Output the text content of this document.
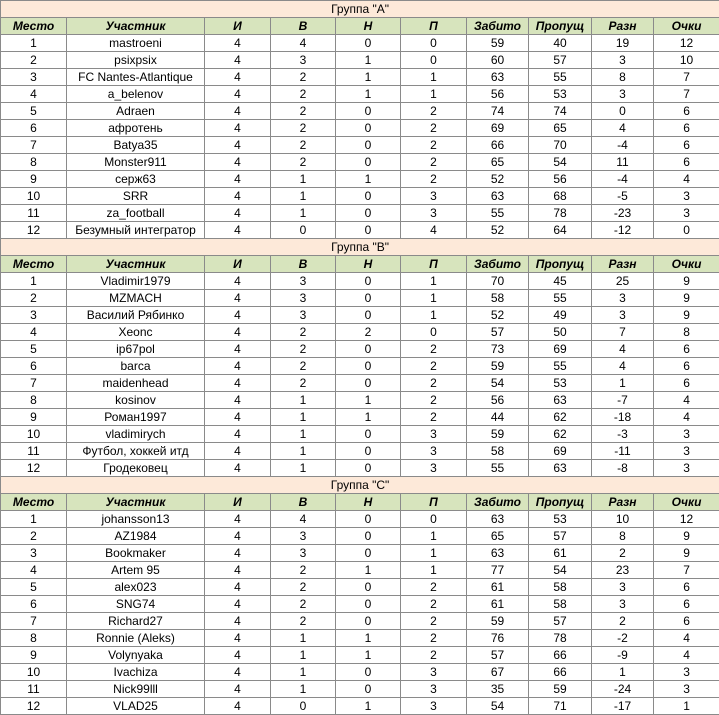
Группа "А"									
Место	Участник	И	В	Н	П	Забито	Пропущ	Разн	Очки
1	mastroeni	4	4	0	0	59	40	19	12
2	psixpsix	4	3	1	0	60	57	3	10
3	FC Nantes-Atlantique	4	2	1	1	63	55	8	7
4	a_belenov	4	2	1	1	56	53	3	7
5	Adraen	4	2	0	2	74	74	0	6
6	афротень	4	2	0	2	69	65	4	6
7	Batya35	4	2	0	2	66	70	-4	6
8	Monster911	4	2	0	2	65	54	11	6
9	серж63	4	1	1	2	52	56	-4	4
10	SRR	4	1	0	3	63	68	-5	3
11	za_football	4	1	0	3	55	78	-23	3
12	Безумный интегратор	4	0	0	4	52	64	-12	0
Группа "В"									
Место	Участник	И	В	Н	П	Забито	Пропущ	Разн	Очки
1	Vladimir1979	4	3	0	1	70	45	25	9
2	MZMACH	4	3	0	1	58	55	3	9
3	Василий Рябинко	4	3	0	1	52	49	3	9
4	Xeonc	4	2	2	0	57	50	7	8
5	ip67pol	4	2	0	2	73	69	4	6
6	barca	4	2	0	2	59	55	4	6
7	maidenhead	4	2	0	2	54	53	1	6
8	kosinov	4	1	1	2	56	63	-7	4
9	Роман1997	4	1	1	2	44	62	-18	4
10	vladimirych	4	1	0	3	59	62	-3	3
11	Футбол, хоккей итд	4	1	0	3	58	69	-11	3
12	Гродековец	4	1	0	3	55	63	-8	3
Группа "С"									
Место	Участник	И	В	Н	П	Забито	Пропущ	Разн	Очки
1	johansson13	4	4	0	0	63	53	10	12
2	AZ1984	4	3	0	1	65	57	8	9
3	Bookmaker	4	3	0	1	63	61	2	9
4	Artem 95	4	2	1	1	77	54	23	7
5	alex023	4	2	0	2	61	58	3	6
6	SNG74	4	2	0	2	61	58	3	6
7	Richard27	4	2	0	2	59	57	2	6
8	Ronnie (Aleks)	4	1	1	2	76	78	-2	4
9	Volynyaka	4	1	1	2	57	66	-9	4
10	Ivachiza	4	1	0	3	67	66	1	3
11	Nick99lll	4	1	0	3	35	59	-24	3
12	VLAD25	4	0	1	3	54	71	-17	1
